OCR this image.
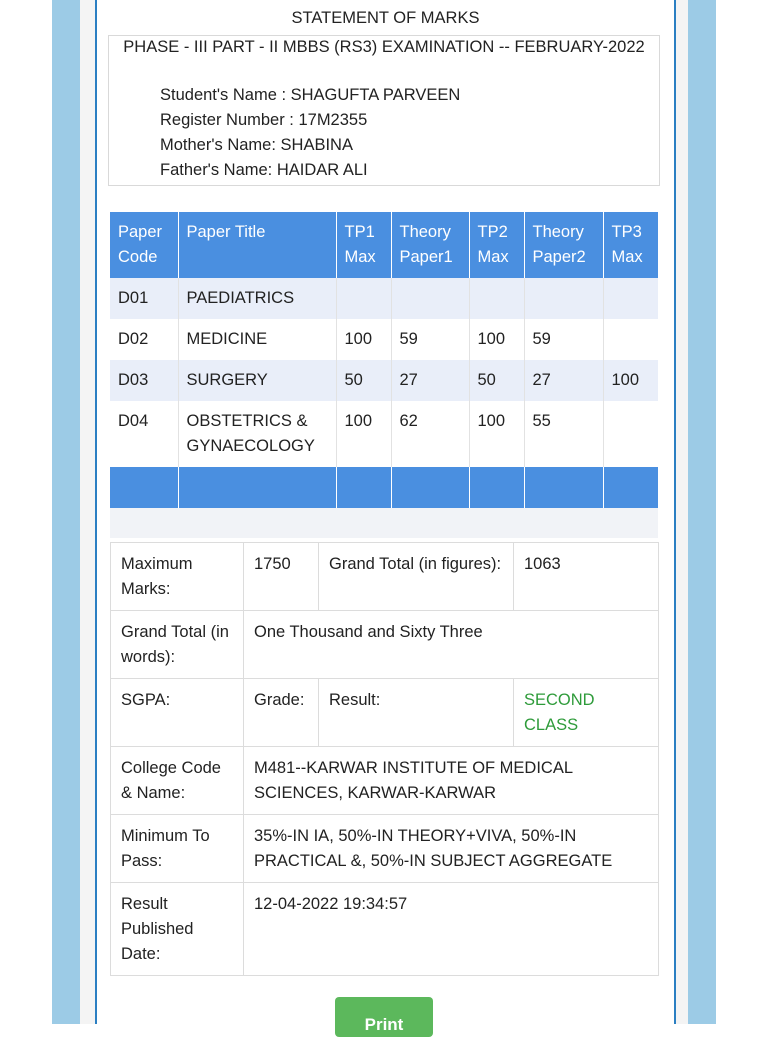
STATEMENT OF MARKS
PHASE - III PART - II MBBS (RS3) EXAMINATION -- FEBRUARY-2022
Student's Name : SHAGUFTA PARVEEN
Register Number : 17M2355
Mother's Name: SHABINA
Father's Name: HAIDAR ALI
Paper Code	Paper Title	TP1 Max	Theory Paper1	TP2 Max	Theory Paper2	TP3 Max
D01	PAEDIATRICS					
D02	MEDICINE	100	59	100	59	
D03	SURGERY	50	27	50	27	100
D04	OBSTETRICS & GYNAECOLOGY	100	62	100	55	

Maximum Marks:	1750	Grand Total (in figures):	1063
Grand Total (in words):	One Thousand and Sixty Three		
SGPA:	Grade:	Result:	SECOND CLASS
College Code & Name:	M481--KARWAR INSTITUTE OF MEDICAL SCIENCES, KARWAR-KARWAR		
Minimum To Pass:	35%-IN IA, 50%-IN THEORY+VIVA, 50%-IN PRACTICAL &, 50%-IN SUBJECT AGGREGATE		
Result Published Date:	12-04-2022 19:34:57		
Print
